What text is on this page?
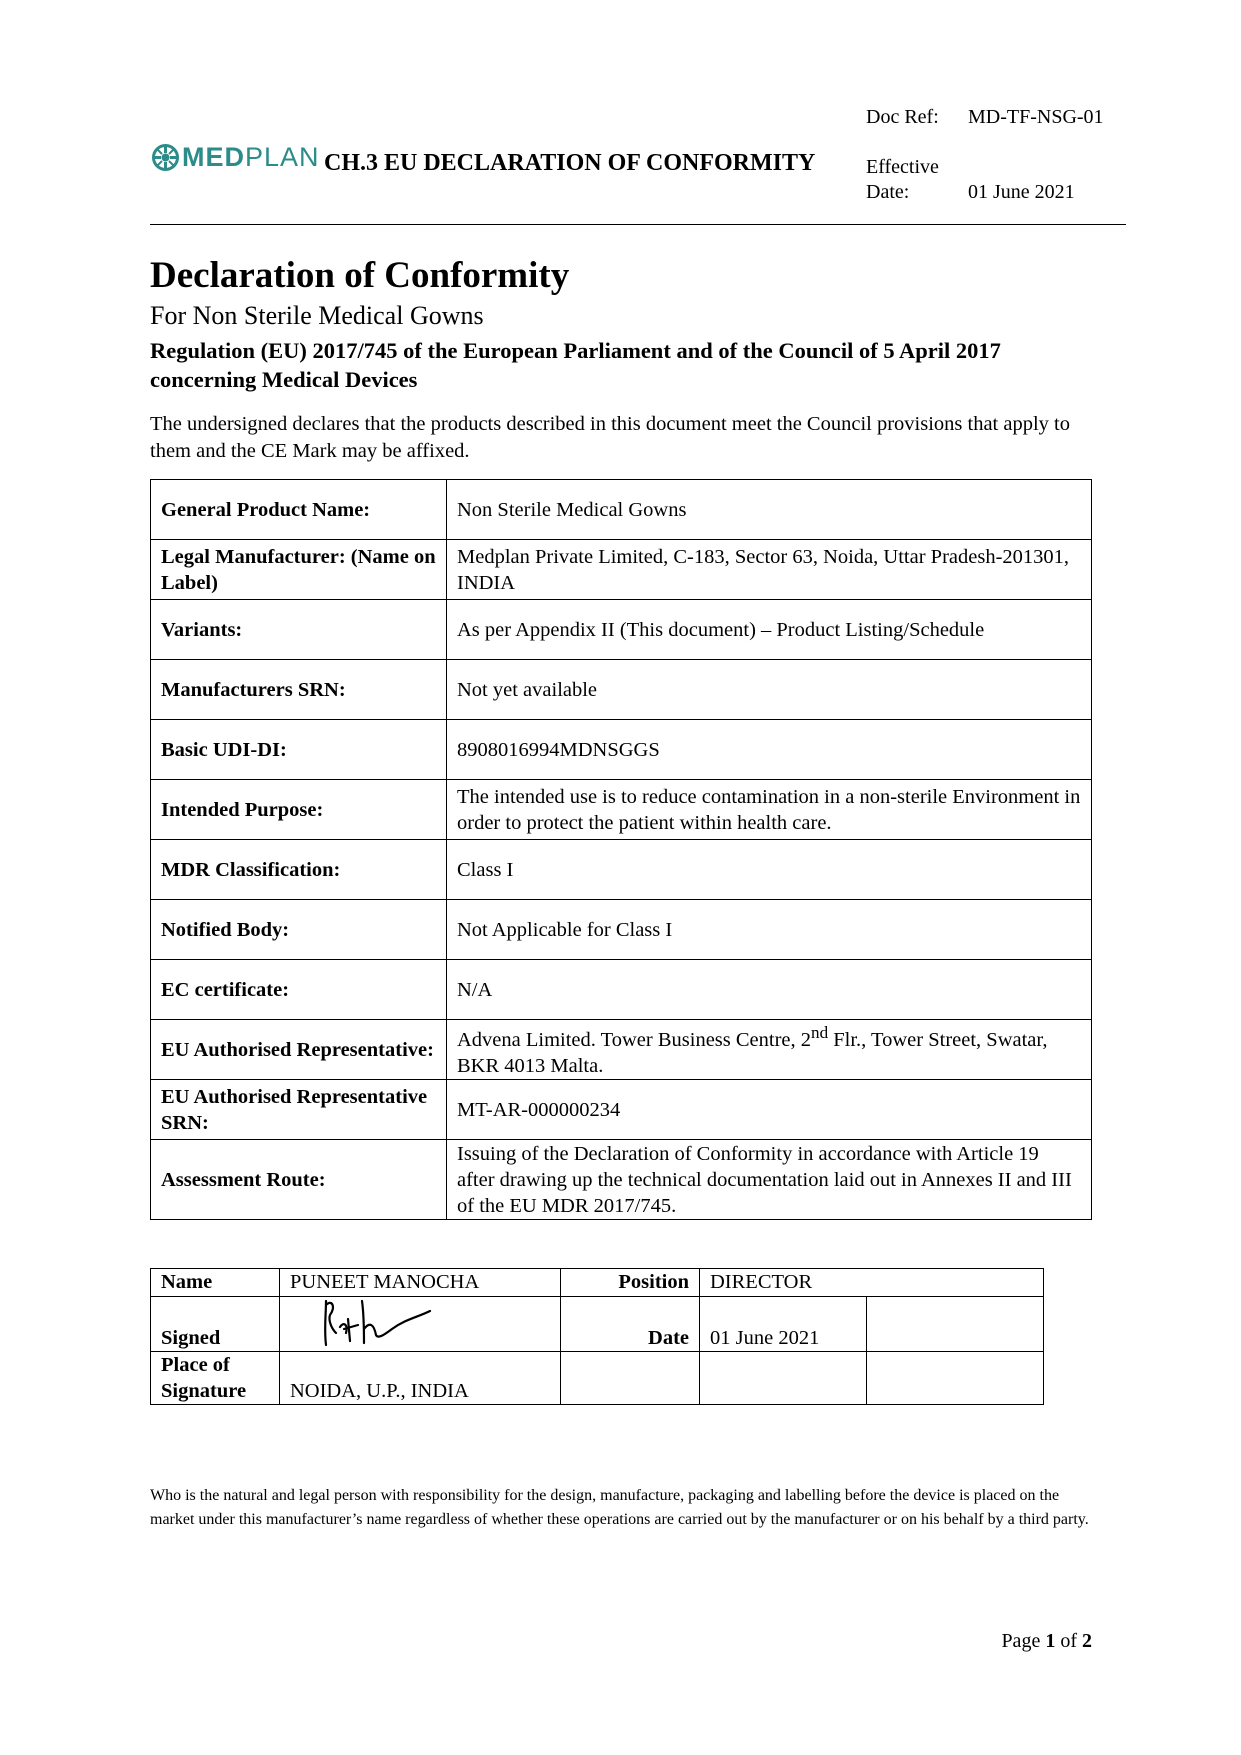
Doc Ref: MD-TF-NSG-01
MEDPLAN CH.3 EU DECLARATION OF CONFORMITY	Effective Date:	01 June 2021
Declaration of Conformity
For Non Sterile Medical Gowns
Regulation (EU) 2017/745 of the European Parliament and of the Council of 5 April 2017 concerning Medical Devices
The undersigned declares that the products described in this document meet the Council provisions that apply to them and the CE Mark may be affixed.
General Product Name:	Non Sterile Medical Gowns
Legal Manufacturer: (Name on Label)	Medplan Private Limited, C-183, Sector 63, Noida, Uttar Pradesh-201301, INDIA
Variants:	As per Appendix II (This document) – Product Listing/Schedule
Manufacturers SRN:	Not yet available
Basic UDI-DI:	8908016994MDNSGGS
Intended Purpose:	The intended use is to reduce contamination in a non-sterile Environment in order to protect the patient within health care.
MDR Classification:	Class I
Notified Body:	Not Applicable for Class I
EC certificate:	N/A
EU Authorised Representative:	Advena Limited. Tower Business Centre, 2nd Flr., Tower Street, Swatar, BKR 4013 Malta.
EU Authorised Representative SRN:	MT-AR-000000234
Assessment Route:	Issuing of the Declaration of Conformity in accordance with Article 19 after drawing up the technical documentation laid out in Annexes II and III of the EU MDR 2017/745.
Name	PUNEET MANOCHA	Position	DIRECTOR	
Signed		Date	01 June 2021	
Place of Signature	NOIDA, U.P., INDIA			
Who is the natural and legal person with responsibility for the design, manufacture, packaging and labelling before the device is placed on the market under this manufacturer’s name regardless of whether these operations are carried out by the manufacturer or on his behalf by a third party.
Page 1 of 2
